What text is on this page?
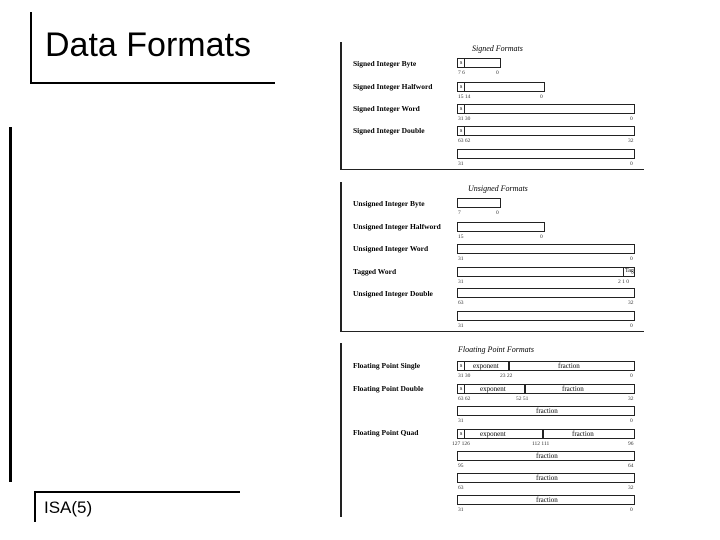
Data Formats
ISA(5)
Signed Formats
Signed Integer Byte	s
7 6	0
Signed Integer Halfword	s
15 14	0
Signed Integer Word	s
31 30	0
Signed Integer Double	s
63 62	32
31	0
Unsigned Formats
Unsigned Integer Byte
7	0
Unsigned Integer Halfword
15	0
Unsigned Integer Word
31	0
Tagged Word	Tag
31	2 1 0
Unsigned Integer Double
63	32
31	0
Floating Point Formats
Floating Point Single	s exponent	fraction
31 30	23 22	0
Floating Point Double	s	exponent	fraction
63 62	52 51	32
fraction
31	0
Floating Point Quad	s	exponent	fraction
127 126	112 111	96
fraction
95	64
fraction
63	32
fraction
31	0
